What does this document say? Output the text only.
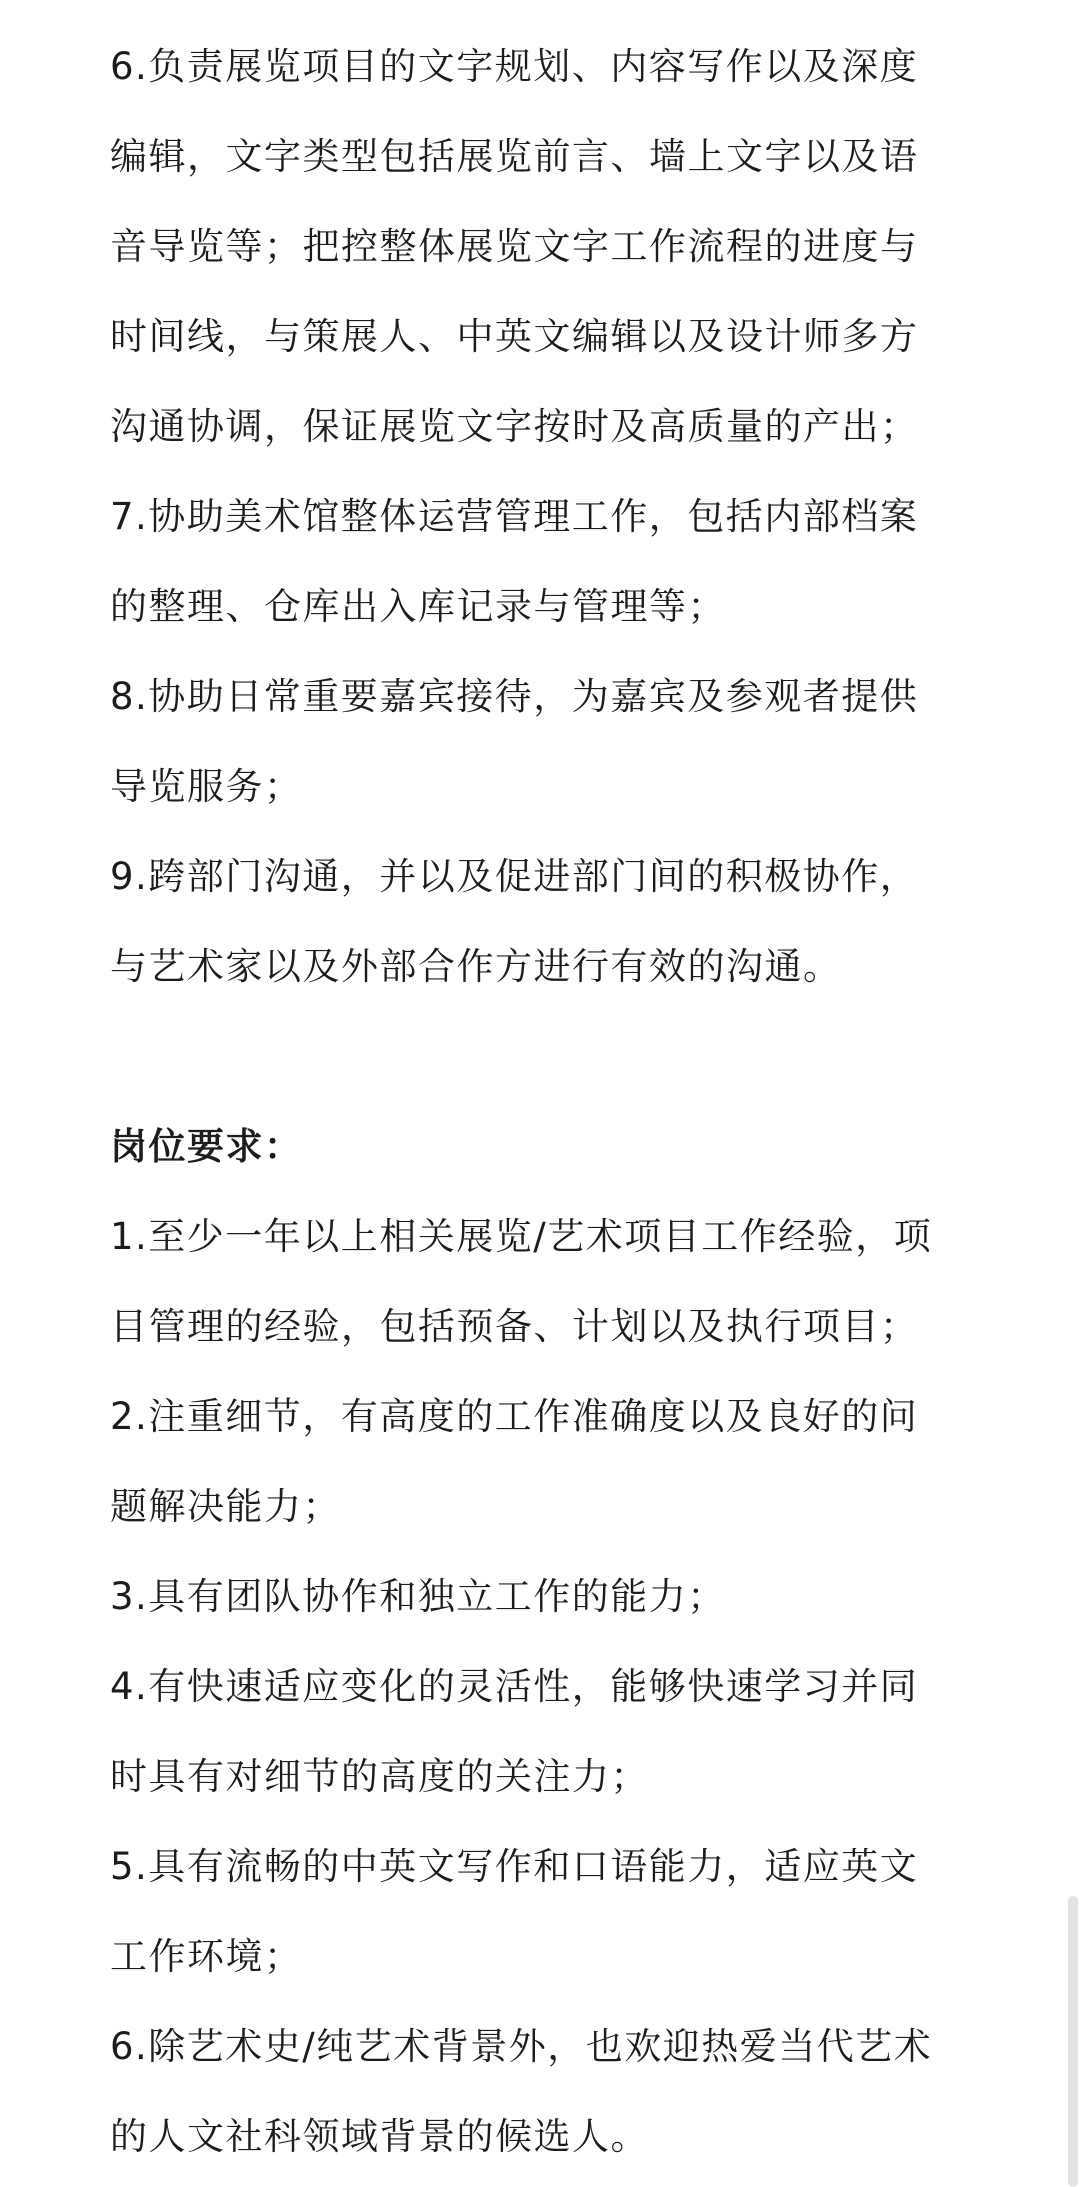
6.负责展览项目的文字规划、内容写作以及深度

编辑，文字类型包括展览前言、墙上文字以及语

音导览等；把控整体展览文字工作流程的进度与

时间线，与策展人、中英文编辑以及设计师多方

沟通协调，保证展览文字按时及高质量的产出；

7.协助美术馆整体运营管理工作，包括内部档案

的整理、仓库出入库记录与管理等；

8.协助日常重要嘉宾接待，为嘉宾及参观者提供

导览服务；

9.跨部门沟通，并以及促进部门间的积极协作，

与艺术家以及外部合作方进行有效的沟通。

岗位要求：

1.至少一年以上相关展览/艺术项目工作经验，项

目管理的经验，包括预备、计划以及执行项目；

2.注重细节，有高度的工作准确度以及良好的问

题解决能力；

3.具有团队协作和独立工作的能力；

4.有快速适应变化的灵活性，能够快速学习并同

时具有对细节的高度的关注力；

5.具有流畅的中英文写作和口语能力，适应英文

工作环境；

6.除艺术史/纯艺术背景外，也欢迎热爱当代艺术

的人文社科领域背景的候选人。
